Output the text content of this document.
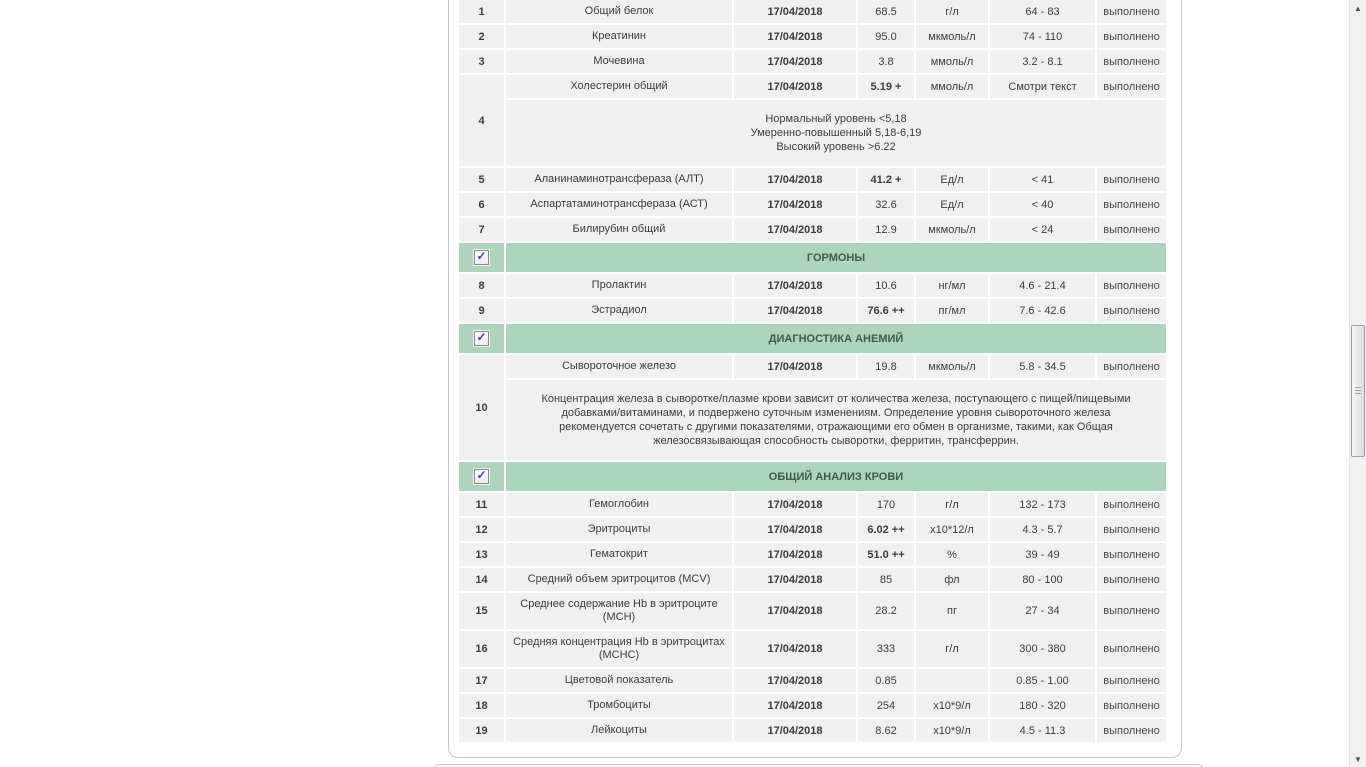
1	Общий белок	17/04/2018	68.5	г/л	64 - 83	выполнено
2	Креатинин	17/04/2018	95.0	мкмоль/л	74 - 110	выполнено
3	Мочевина	17/04/2018	3.8	ммоль/л	3.2 - 8.1	выполнено
4	Холестерин общий	17/04/2018	5.19 +	ммоль/л	Смотри текст	выполнено

	Нормальный уровень <5,18
Умеренно-повышенный 5,18-6,19
Высокий уровень >6.22					

5	Аланинаминотрансфераза (АЛТ)	17/04/2018	41.2 +	Ед/л	< 41	выполнено
6	Аспартатаминотрансфераза (АСТ)	17/04/2018	32.6	Ед/л	< 40	выполнено
7	Билирубин общий	17/04/2018	12.9	мкмоль/л	< 24	выполнено

✓	ГОРМОНЫ					
8	Пролактин	17/04/2018	10.6	нг/мл	4.6 - 21.4	выполнено
9	Эстрадиол	17/04/2018	76.6 ++	пг/мл	7.6 - 42.6	выполнено

✓	ДИАГНОСТИКА АНЕМИЙ					
10	Сывороточное железо	17/04/2018	19.8	мкмоль/л	5.8 - 34.5	выполнено
	Концентрация железа в сыворотке/плазме крови зависит от количества железа, поступающего с пищей/пищевыми добавками/витаминами, и подвержено суточным изменениям. Определение уровня сывороточного железа рекомендуется сочетать с другими показателями, отражающими его обмен в организме, такими, как Общая железосвязывающая способность сыворотки, ферритин, трансферрин.					

✓	ОБЩИЙ АНАЛИЗ КРОВИ					
11	Гемоглобин	17/04/2018	170	г/л	132 - 173	выполнено
12	Эритроциты	17/04/2018	6.02 ++	х10*12/л	4.3 - 5.7	выполнено
13	Гематокрит	17/04/2018	51.0 ++	%	39 - 49	выполнено
14	Средний объем эритроцитов (MCV)	17/04/2018	85	фл	80 - 100	выполнено
15	Среднее содержание Hb в эритроците (МСН)	17/04/2018	28.2	пг	27 - 34	выполнено
16	Средняя концентрация Hb в эритроцитах (МСНС)	17/04/2018	333	г/л	300 - 380	выполнено
17	Цветовой показатель	17/04/2018	0.85		0.85 - 1.00	выполнено
18	Тромбоциты	17/04/2018	254	х10*9/л	180 - 320	выполнено
19	Лейкоциты	17/04/2018	8.62	х10*9/л	4.5 - 11.3	выполнено
▲
▼
